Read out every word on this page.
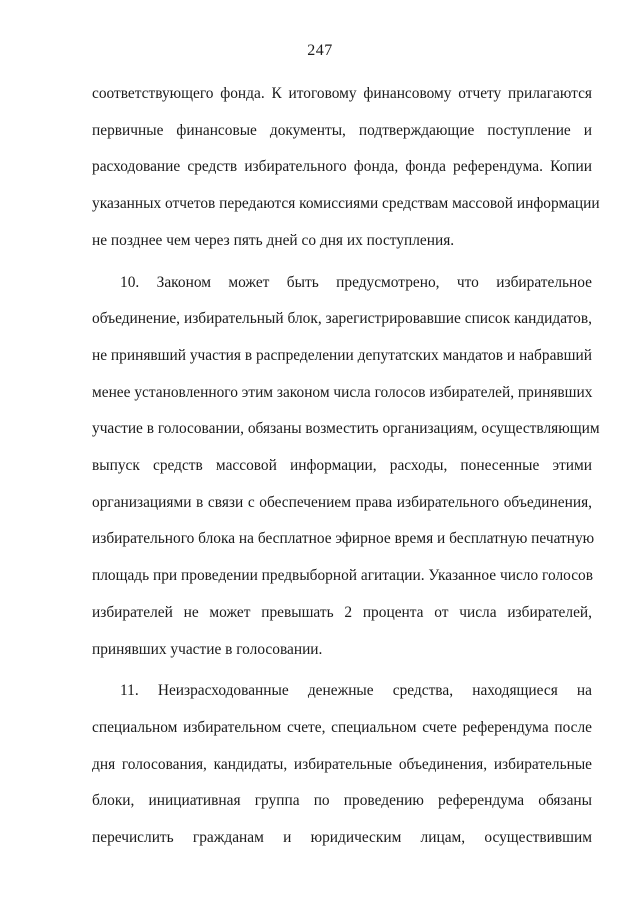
247

соответствующего фонда. К итоговому финансовому отчету прилагаются
первичные финансовые документы, подтверждающие поступление и
расходование средств избирательного фонда, фонда референдума. Копии
указанных отчетов передаются комиссиями средствам массовой информации
не позднее чем через пять дней со дня их поступления.

10. Законом может быть предусмотрено, что избирательное
объединение, избирательный блок, зарегистрировавшие список кандидатов,
не принявший участия в распределении депутатских мандатов и набравший
менее установленного этим законом числа голосов избирателей, принявших
участие в голосовании, обязаны возместить организациям, осуществляющим
выпуск средств массовой информации, расходы, понесенные этими
организациями в связи с обеспечением права избирательного объединения,
избирательного блока на бесплатное эфирное время и бесплатную печатную
площадь при проведении предвыборной агитации. Указанное число голосов
избирателей не может превышать 2 процента от числа избирателей,
принявших участие в голосовании.

11. Неизрасходованные денежные средства, находящиеся на
специальном избирательном счете, специальном счете референдума после
дня голосования, кандидаты, избирательные объединения, избирательные
блоки, инициативная группа по проведению референдума обязаны
перечислить гражданам и юридическим лицам, осуществившим
